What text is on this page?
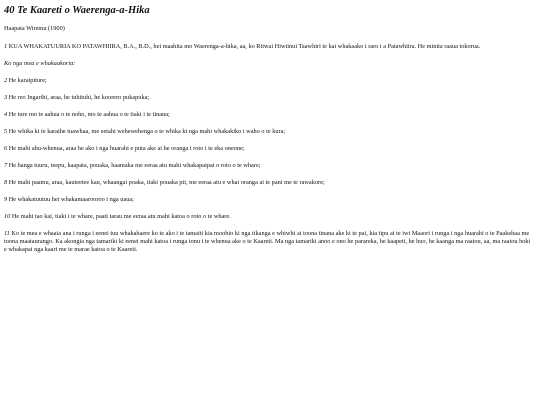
40 Te Kaareti o Waerenga-a-Hika

Haapata Wiremu (1900)

1 KUA WHAKATUURIA KO PATAWHIIRA, B.A., B.D., hei maahita mo Waerenga-a-hika, aa, ko Riiwai Hiwiinui Taawhiri te kai whakaako i raro i a Patawhiira. He minita raaua tokorua.

Ko nga mea e whakaakoria:

2 He karaipiture;

3 He reo Ingarihi, araa, he tuhituhi, he koorero pukapuka;

4 He ture mo te aahua o te noho, mo te aahua o te tiaki i te tinana;

5 He whika ki te karaihe tuawhaa, me eetahi wehewehenga o te whika ki nga mahi whakakiko i waho o te kura;

6 He mahi ahu-whenua, araa he ako i nga huarahi e puta ake ai he oranga i roto i te eka oneone;

7 He hanga tuuru, teepu, kaapata, pouaka, haamaka me eeraa atu mahi whakapaipai o roto o te whare;

8 He mahi paamu, araa, kauteetee kau, whaangai poaka, tiaki pouaka pii, me eeraa atu e whai oranga ai te pani me te rawakore;

9 He whakatuutuu hei whakamaarooroo i nga uaua;

10 He mahi tao kai, tiaki i te whare, paati tarau me eeraa atu mahi katoa o roto o te whare.

11 Ko te mea e whaaia ana i runga i eenei tuu whakahaere ko te ako i te tamaiti kia moohio ki nga tikanga e whiwhi ai toona tinana ake ki te pai, kia tipu ai te iwi Maaori i runga i nga huarahi o te Paakehaa me toona maataurango. Ka akongia nga tamariki ki eenei mahi katoa i runga tonu i te whenua ake o te Kaareti. Ma nga tamariki anoo e ono he parareka, he kaapeti, he huo, he kaanga ma raatou, aa, ma raatou hoki e whakapai nga kaari me te marae katoa o te Kaareti.
